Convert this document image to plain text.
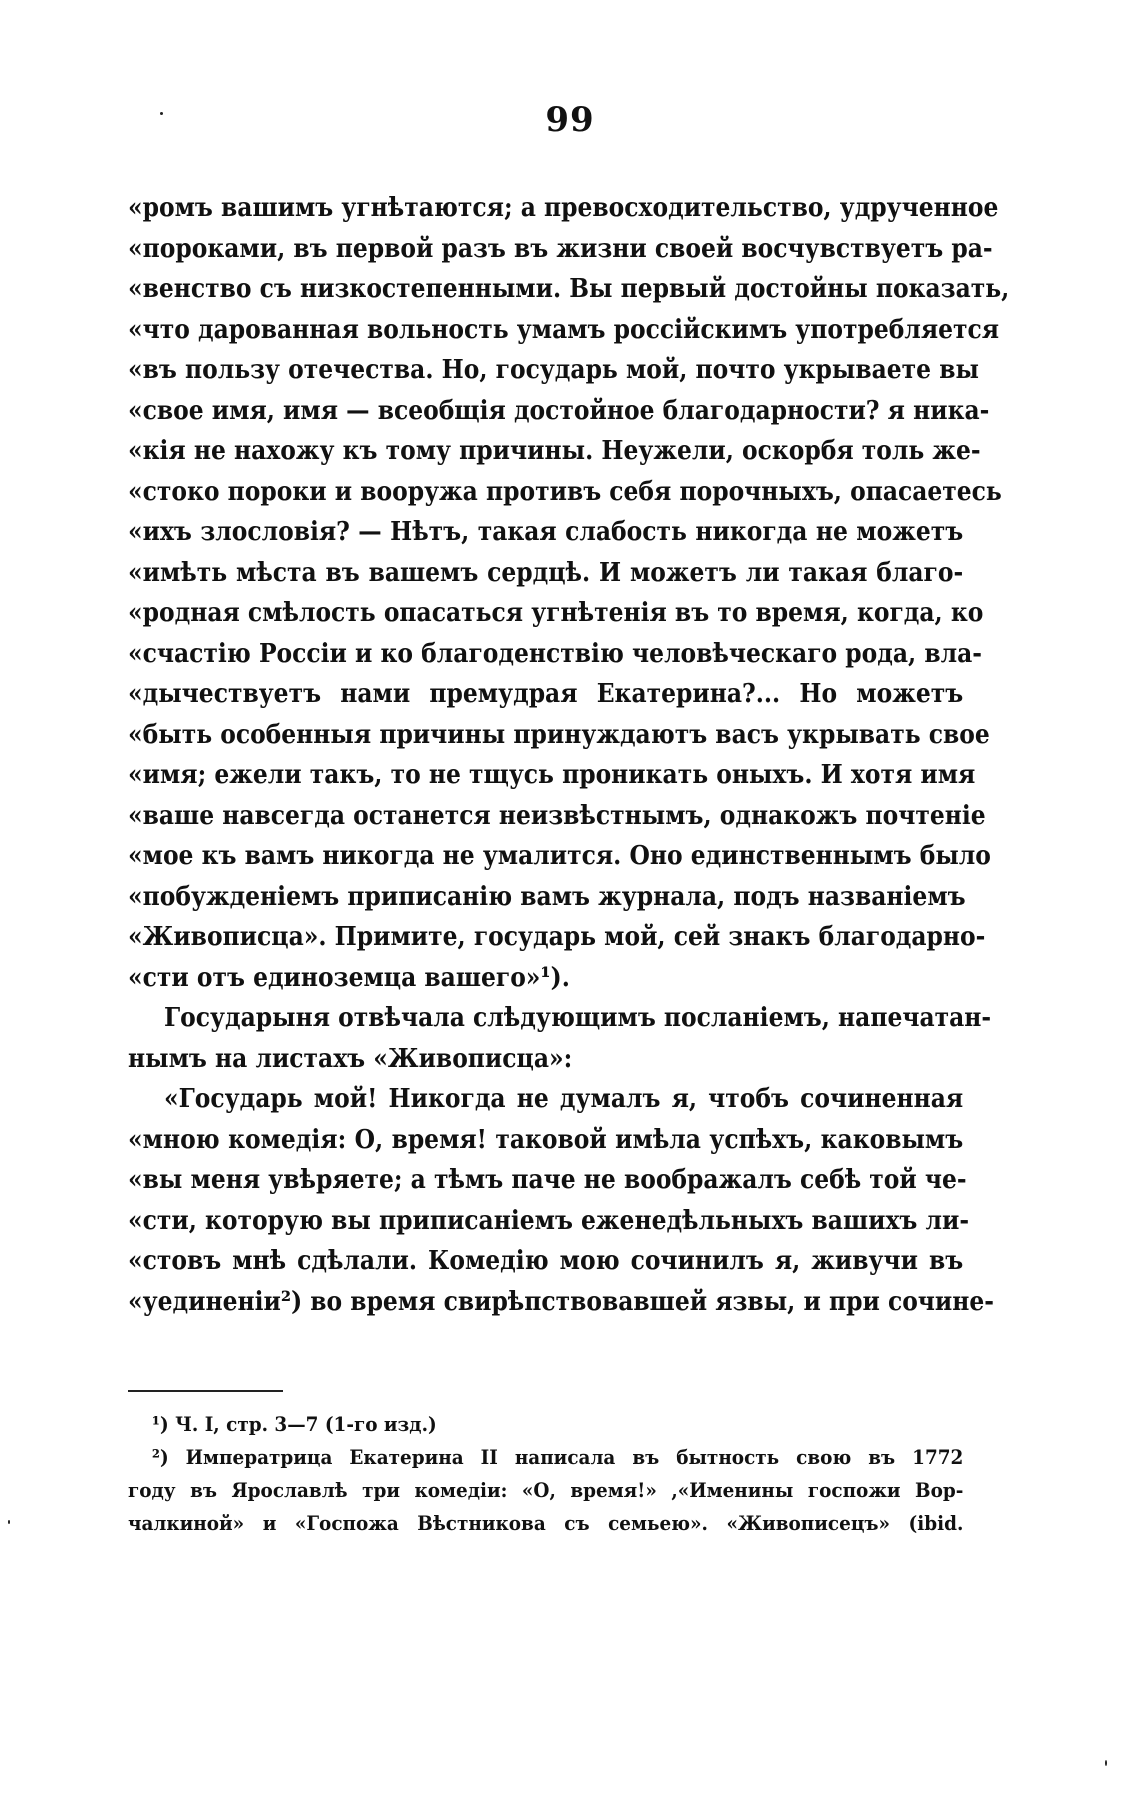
99
«ромъ вашимъ угнѣтаются; а превосходительство, удрученное
«пороками, въ первой разъ въ жизни своей восчувствуетъ ра-
«венство съ низкостепенными. Вы первый достойны показать,
«что дарованная вольность умамъ россійскимъ употребляется
«въ пользу отечества. Но, государь мой, почто укрываете вы
«свое имя, имя — всеобщія достойное благодарности? я ника-
«кія не нахожу къ тому причины. Неужели, оскорбя толь же-
«стоко пороки и вооружа противъ себя порочныхъ, опасаетесь
«ихъ злословія? — Нѣтъ, такая слабость никогда не можетъ
«имѣть мѣста въ вашемъ сердцѣ. И можетъ ли такая благо-
«родная смѣлость опасаться угнѣтенія въ то время, когда, ко
«счастію Россіи и ко благоденствію человѣческаго рода, вла-
«дычествуетъ нами премудрая Екатерина?... Но можетъ
«быть особенныя причины принуждаютъ васъ укрывать свое
«имя; ежели такъ, то не тщусь проникать оныхъ. И хотя имя
«ваше навсегда останется неизвѣстнымъ, однакожъ почтеніе
«мое къ вамъ никогда не умалится. Оно единственнымъ было
«побужденіемъ приписанію вамъ журнала, подъ названіемъ
«Живописца». Примите, государь мой, сей знакъ благодарно-
«сти отъ единоземца вашего»¹).
Государыня отвѣчала слѣдующимъ посланіемъ, напечатан-
нымъ на листахъ «Живописца»:
«Государь мой! Никогда не думалъ я, чтобъ сочиненная
«мною комедія: О, время! таковой имѣла успѣхъ, каковымъ
«вы меня увѣряете; а тѣмъ паче не воображалъ себѣ той че-
«сти, которую вы приписаніемъ еженедѣльныхъ вашихъ ли-
«стовъ мнѣ сдѣлали. Комедію мою сочинилъ я, живучи въ
«уединеніи²) во время свирѣпствовавшей язвы, и при сочине-
¹) Ч. I, стр. 3—7 (1-го изд.)
²) Императрица Екатерина II написала въ бытность свою въ 1772
году въ Ярославлѣ три комедіи: «О, время!» ,«Именины госпожи Вор-
чалкиной» и «Госпожа Вѣстникова съ семьею». «Живописецъ» (ibid.
